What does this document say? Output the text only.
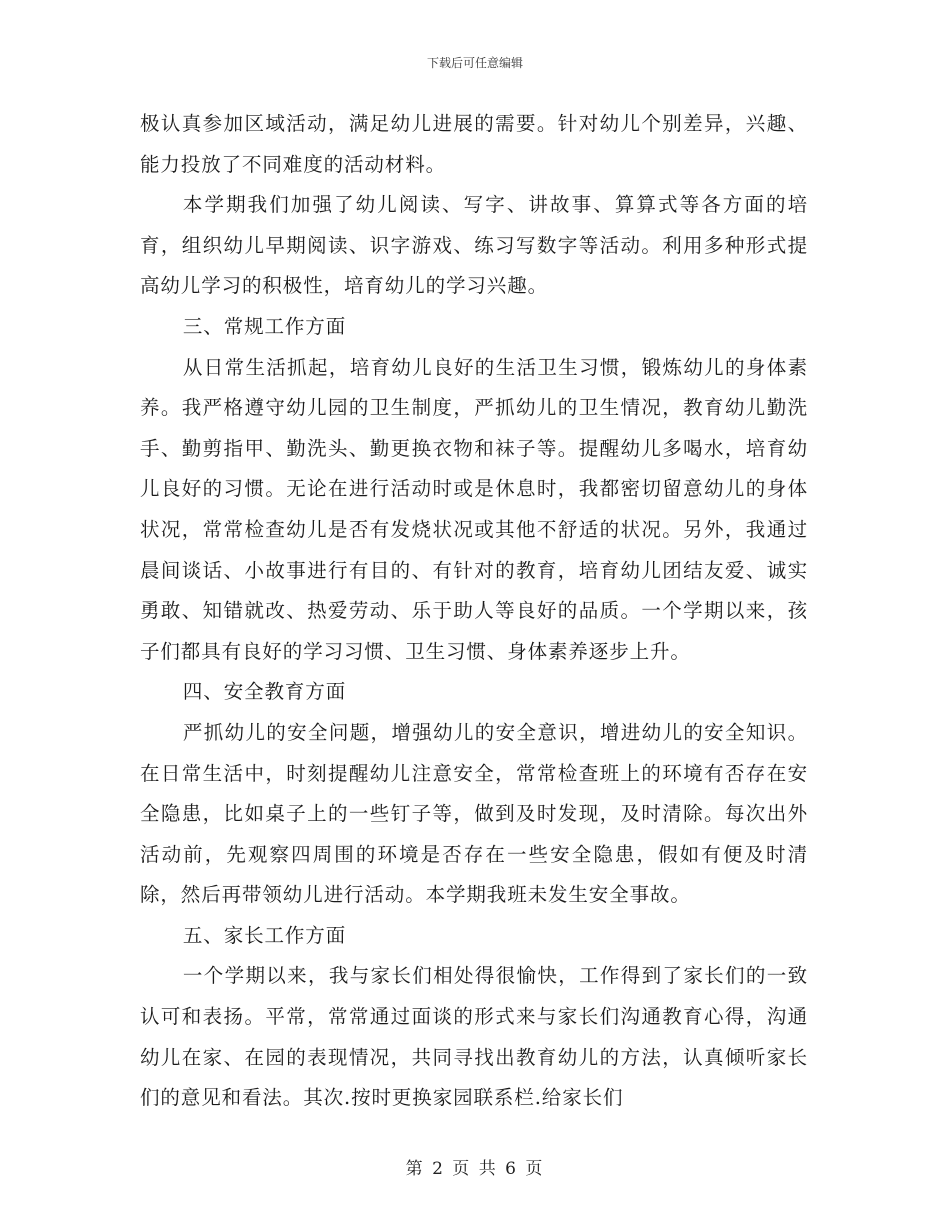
下载后可任意编辑

极认真参加区域活动，满足幼儿进展的需要。针对幼儿个别差异，兴趣、能力投放了不同难度的活动材料。

本学期我们加强了幼儿阅读、写字、讲故事、算算式等各方面的培育，组织幼儿早期阅读、识字游戏、练习写数字等活动。利用多种形式提高幼儿学习的积极性，培育幼儿的学习兴趣。

三、常规工作方面

从日常生活抓起，培育幼儿良好的生活卫生习惯，锻炼幼儿的身体素养。我严格遵守幼儿园的卫生制度，严抓幼儿的卫生情况，教育幼儿勤洗手、勤剪指甲、勤洗头、勤更换衣物和袜子等。提醒幼儿多喝水，培育幼儿良好的习惯。无论在进行活动时或是休息时，我都密切留意幼儿的身体状况，常常检查幼儿是否有发烧状况或其他不舒适的状况。另外，我通过晨间谈话、小故事进行有目的、有针对的教育，培育幼儿团结友爱、诚实勇敢、知错就改、热爱劳动、乐于助人等良好的品质。一个学期以来，孩子们都具有良好的学习习惯、卫生习惯、身体素养逐步上升。

四、安全教育方面

严抓幼儿的安全问题，增强幼儿的安全意识，增进幼儿的安全知识。在日常生活中，时刻提醒幼儿注意安全，常常检查班上的环境有否存在安全隐患，比如桌子上的一些钉子等，做到及时发现，及时清除。每次出外活动前，先观察四周围的环境是否存在一些安全隐患，假如有便及时清除，然后再带领幼儿进行活动。本学期我班未发生安全事故。

五、家长工作方面

一个学期以来，我与家长们相处得很愉快，工作得到了家长们的一致认可和表扬。平常，常常通过面谈的形式来与家长们沟通教育心得，沟通幼儿在家、在园的表现情况，共同寻找出教育幼儿的方法，认真倾听家长们的意见和看法。其次.按时更换家园联系栏.给家长们

第 2 页 共 6 页
